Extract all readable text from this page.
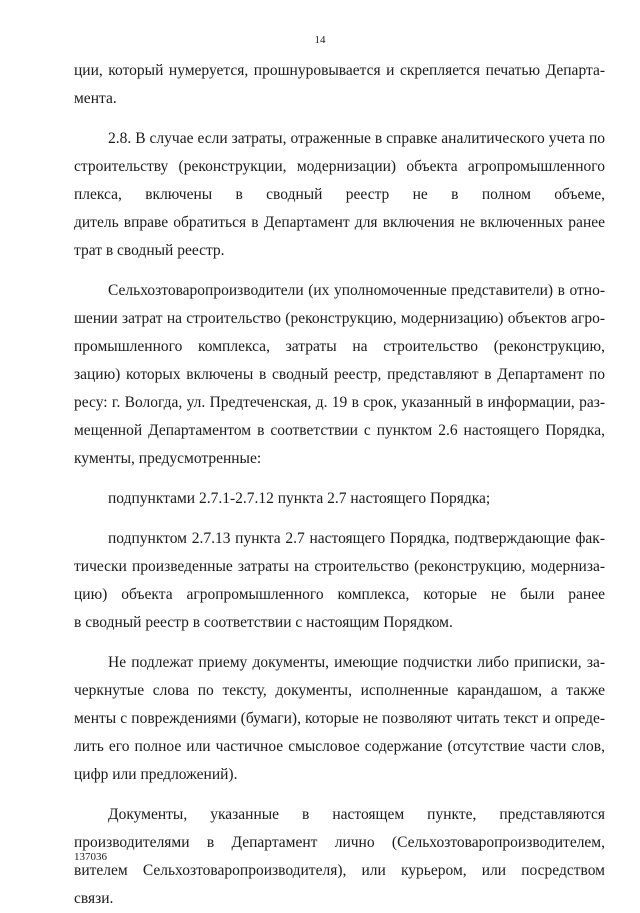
14
ции, который нумеруется, прошнуровывается и скрепляется печатью Департа-
мента.
2.8. В случае если затраты, отраженные в справке аналитического учета по
строительству (реконструкции, модернизации) объекта агропромышленного
плекса, включены в сводный реестр не в полном объеме,
дитель вправе обратиться в Департамент для включения не включенных ранее
трат в сводный реестр.
Сельхозтоваропроизводители (их уполномоченные представители) в отно-
шении затрат на строительство (реконструкцию, модернизацию) объектов агро-
промышленного комплекса, затраты на строительство (реконструкцию,
зацию) которых включены в сводный реестр, представляют в Департамент по
ресу: г. Вологда, ул. Предтеченская, д. 19 в срок, указанный в информации, раз-
мещенной Департаментом в соответствии с пунктом 2.6 настоящего Порядка,
кументы, предусмотренные:
подпунктами 2.7.1-2.7.12 пункта 2.7 настоящего Порядка;
подпунктом 2.7.13 пункта 2.7 настоящего Порядка, подтверждающие фак-
тически произведенные затраты на строительство (реконструкцию, модерниза-
цию) объекта агропромышленного комплекса, которые не были ранее
в сводный реестр в соответствии с настоящим Порядком.
Не подлежат приему документы, имеющие подчистки либо приписки, за-
черкнутые слова по тексту, документы, исполненные карандашом, а также
менты с повреждениями (бумаги), которые не позволяют читать текст и опреде-
лить его полное или частичное смысловое содержание (отсутствие части слов,
цифр или предложений).
Документы, указанные в настоящем пункте, представляются
производителями в Департамент лично (Сельхозтоваропроизводителем,
вителем Сельхозтоваропроизводителя), или курьером, или посредством
связи.
137036
